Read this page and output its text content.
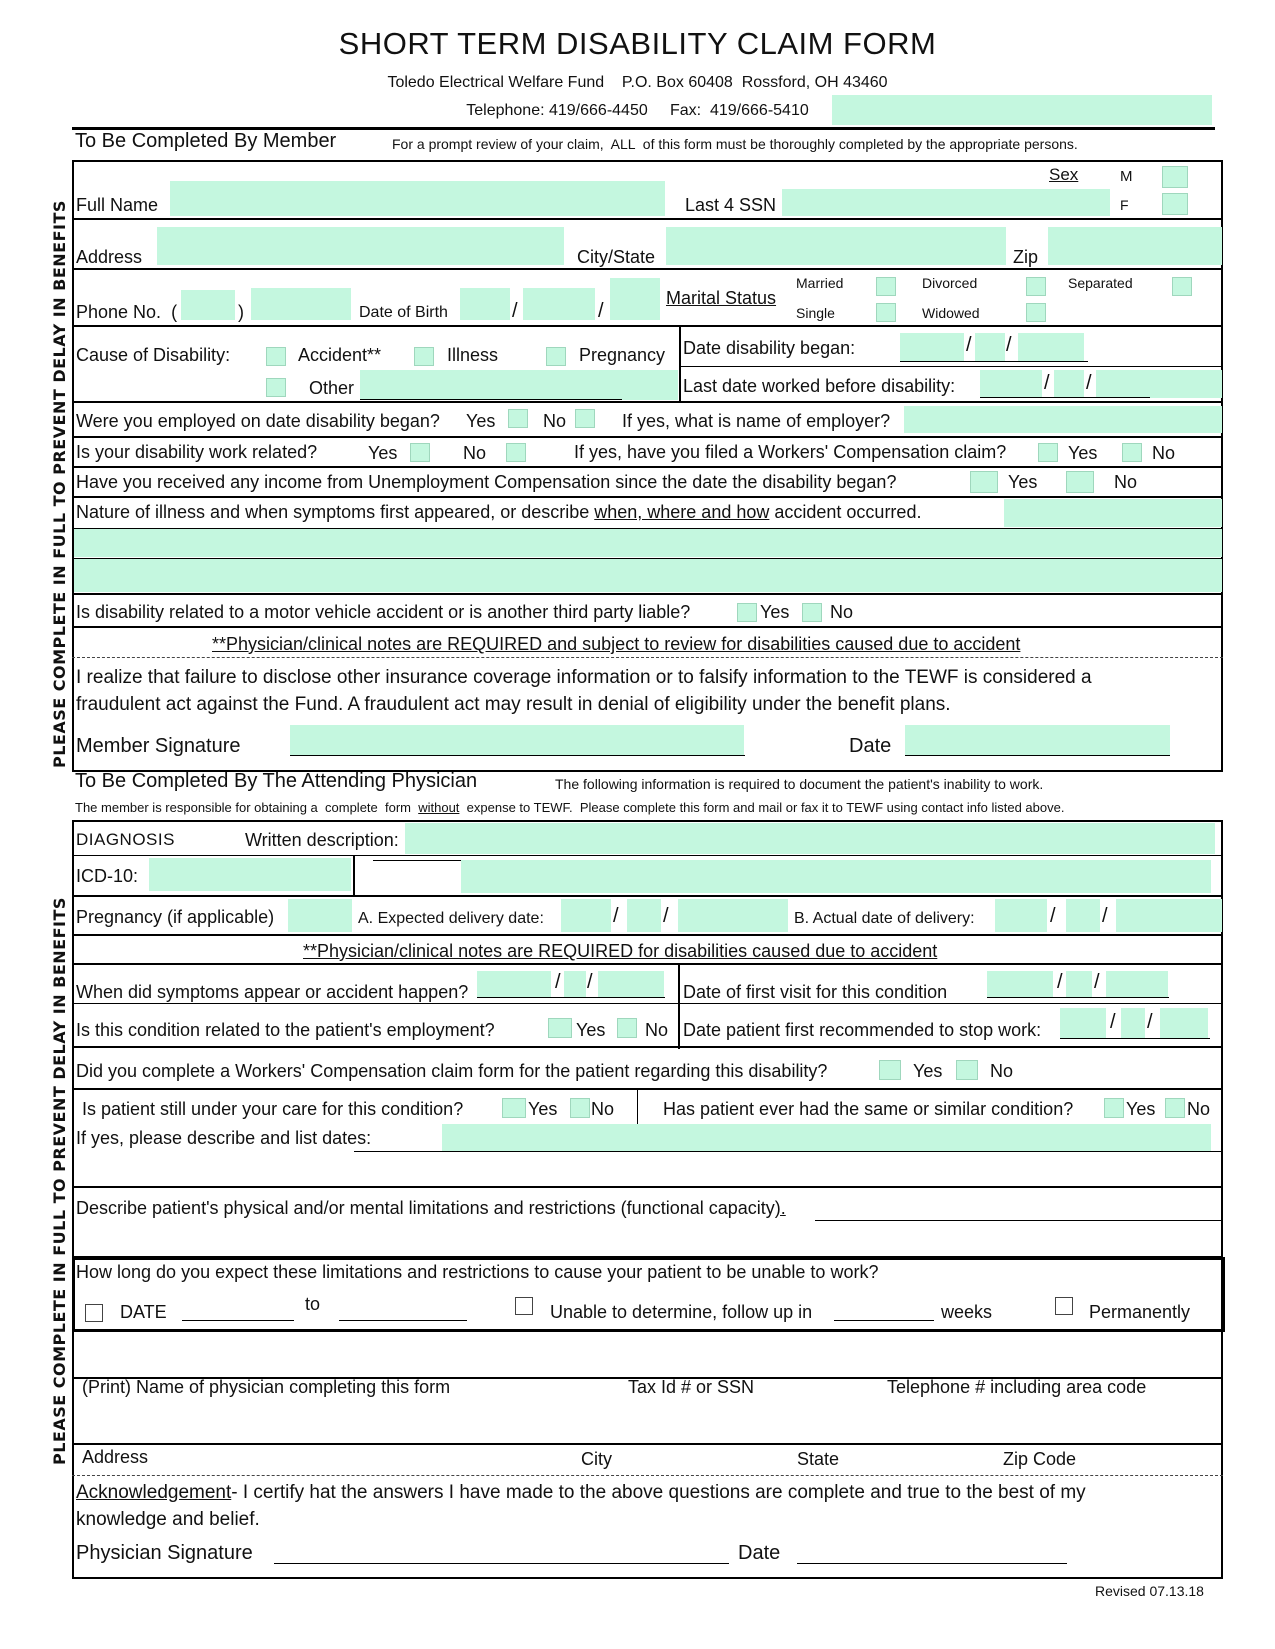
SHORT TERM DISABILITY CLAIM FORM
Toledo Electrical Welfare Fund    P.O. Box 60408  Rossford, OH 43460
Telephone: 419/666-4450     Fax:  419/666-5410
To Be Completed By Member	For a prompt review of your claim,  ALL  of this form must be thoroughly completed by the appropriate persons.
PLEASE COMPLETE IN FULL TO PREVENT DELAY IN BENEFITS
PLEASE COMPLETE IN FULL TO PREVENT DELAY IN BENEFITS
Sex	M
F
Full Name	Last 4 SSN
Address	City/State	Zip
Phone No.  (	)	Date of Birth	/	/
Marital Status
Married	Divorced	Separated
Single	Widowed
Cause of Disability:	Accident**	Illness	Pregnancy
Other
Date disability began:	/ /
Last date worked before disability:	/ /
Were you employed on date disability began? Yes	No	If yes, what is name of employer?
Is your disability work related?	Yes	No	If yes, have you filed a Workers' Compensation claim?	Yes	No
Have you received any income from Unemployment Compensation since the date the disability began?	Yes	No
Nature of illness and when symptoms first appeared, or describe when, where and how accident occurred.
Is disability related to a motor vehicle accident or is another third party liable?	Yes No
**Physician/clinical notes are REQUIRED and subject to review for disabilities caused due to accident
I realize that failure to disclose other insurance coverage information or to falsify information to the TEWF is considered a
fraudulent act against the Fund. A fraudulent act may result in denial of eligibility under the benefit plans.
Member Signature	Date
To Be Completed By The Attending Physician	The following information is required to document the patient's inability to work.
The member is responsible for obtaining a  complete  form  without  expense to TEWF.  Please complete this form and mail or fax it to TEWF using contact info listed above.
DIAGNOSIS	Written description:
ICD-10:
Pregnancy (if applicable)	A. Expected delivery date:	/ /	B. Actual date of delivery:	/ /
**Physician/clinical notes are REQUIRED for disabilities caused due to accident
When did symptoms appear or accident happen?	/ /	Date of first visit for this condition	/ /
Is this condition related to the patient's employment?	Yes No Date patient first recommended to stop work:	/ /
Did you complete a Workers' Compensation claim form for the patient regarding this disability?	Yes	No
Is patient still under your care for this condition?	Yes No	Has patient ever had the same or similar condition?	Yes No
If yes, please describe and list dates:
Describe patient's physical and/or mental limitations and restrictions (functional capacity).
How long do you expect these limitations and restrictions to cause your patient to be unable to work?
DATE	to	Unable to determine, follow up in	weeks	Permanently
(Print) Name of physician completing this form	Tax Id # or SSN	Telephone # including area code
Address	City	State	Zip Code
Acknowledgement- I certify hat the answers I have made to the above questions are complete and true to the best of my
knowledge and belief.
Physician Signature	Date
Revised 07.13.18
